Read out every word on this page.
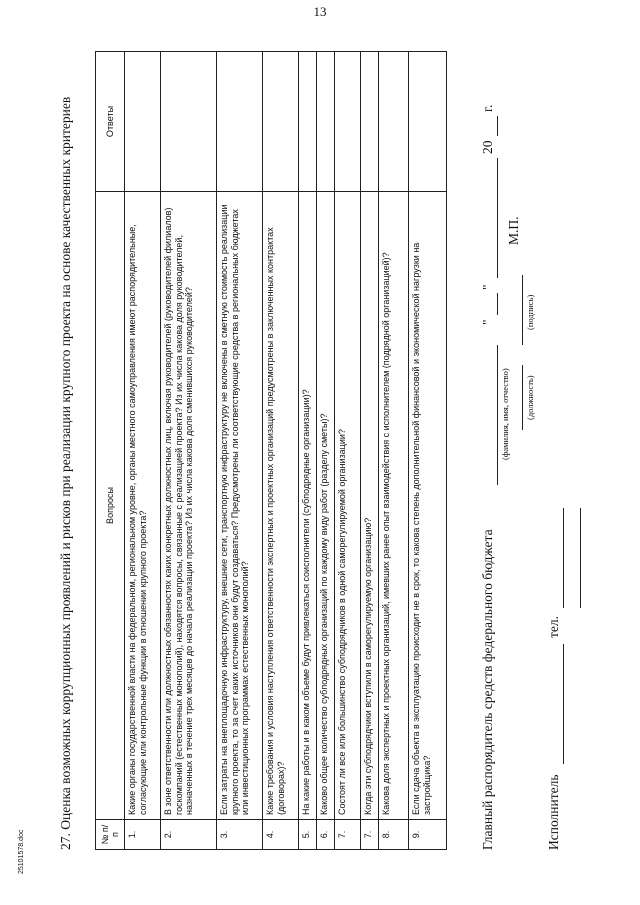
13

27. Оценка возможных коррупционных проявлений и рисков при реализации крупного проекта на основе качественных критериев	№ п/п	Вопросы	Ответы
1.	Какие органы государственной власти на федеральном, региональном уровне, органы местного самоуправления имеют распорядительные, согласующие или контрольные функции в отношении крупного проекта?	
2.	В зоне ответственности или должностных обязанностях каких конкретных должностных лиц, включая руководителей (руководителей филиалов) госкомпаний (естественных монополий), находятся вопросы, связанные с реализацией проекта? Из их числа какова доля руководителей, назначенных в течение трех месяцев до начала реализации проекта? Из их числа какова доля сменившихся руководителей?	
3.	Если затраты на внеплощадочную инфраструктуру, внешние сети, транспортную инфраструктуру не включены в сметную стоимость реализации крупного проекта, то за счет каких источников они будут создаваться? Предусмотрены ли соответствующие средства в региональных бюджетах или инвестиционных программах естественных монополий?	
4.	Какие требования и условия наступления ответственности экспертных и проектных организаций предусмотрены в заключенных контрактах (договорах)?	
5.	На какие работы и в каком объеме будут привлекаться соисполнители (субподрядные организации)?	
6.	Каково общее количество субподрядных организаций по каждому виду работ (разделу сметы)?	
7.	Состоят ли все или большинство субподрядчиков в одной саморегулируемой организации?	
7.	Когда эти субподрядчики вступили в саморегулируемую организацию?	
8.	Какова доля экспертных и проектных организаций, имевших ранее опыт взаимодействия с исполнителем (подрядной организацией)?	
9.	Если сдача объекта в эксплуатацию происходит не в срок, то какова степень дополнительной финансовой и экономической нагрузки на застройщика?		Главный распорядитель средств федерального бюджета
(фамилия, имя, отчество)
"
"
20
г.
(должность)
(подпись)
М.П.
Исполнитель
тел.
25101578.doc
